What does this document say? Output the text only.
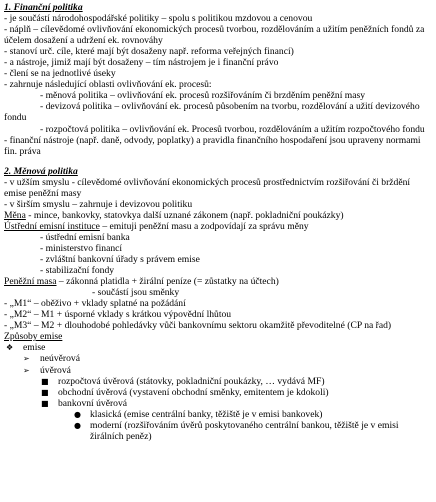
1. Finanční politika
- je součástí národohospodářské politiky – spolu s politikou mzdovou a cenovou
- náplň – cílevědomé ovlivňování ekonomických procesů tvorbou, rozdělováním a užitím peněžních fondů za účelem dosažení a udržení ek. rovnováhy
- stanoví urč. cíle, které mají být dosaženy např. reforma veřejných financí)
- a nástroje, jimiž mají být dosaženy – tím nástrojem je i finanční právo
- člení se na jednotlivé úseky
- zahrnuje následující oblasti ovlivňování ek. procesů:
- měnová politika – ovlivňování ek. procesů rozšiřováním či brzděním peněžní masy
- devizová politika – ovlivňování ek. procesů působením na tvorbu, rozdělování a užití devizového fondu
- rozpočtová politika – ovlivňování ek. Procesů tvorbou, rozdělováním a užitím rozpočtového fondu
- finanční nástroje (např. daně, odvody, poplatky) a pravidla finančního hospodaření jsou upraveny normami fin. práva
2. Měnová politika
- v užším smyslu - cílevědomé ovlivňování ekonomických procesů prostřednictvím rozšiřování či brždění emise peněžní masy
- v širším smyslu – zahrnuje i devizovou politiku
Měna - mince, bankovky, statovkya další uznané zákonem (např. pokladniční poukázky)
Ústřední emisní instituce – emituji peněžní masu a zodpovídají za správu měny
- ústřední emisní banka
- ministerstvo financí
- zvláštní bankovní úřady s právem emise
- stabilizační fondy
Peněžní masa – zákonná platidla + žirální peníze (= zůstatky na účtech)
- součástí jsou směnky
- „M1“ – oběživo + vklady splatné na požádání
- „M2“ – M1 + úsporné vklady s krátkou výpovědní lhůtou
- „M3“ – M2 + dlouhodobé pohledávky vůči bankovnímu sektoru okamžitě převoditelné (CP na řad)
Způsoby emise
❖ emise
➢ neúvěrová
➢ úvěrová
■ rozpočtová úvěrová (státovky, pokladniční poukázky, … vydává MF)
■ obchodní úvěrová (vystavení obchodní směnky, emitentem je kdokoli)
■ bankovní úvěrová
● klasická (emise centrální banky, těžiště je v emisi bankovek)
● moderní (rozšiřováním úvěrů poskytovaného centrální bankou, těžiště je v emisi žirálních peněz)
